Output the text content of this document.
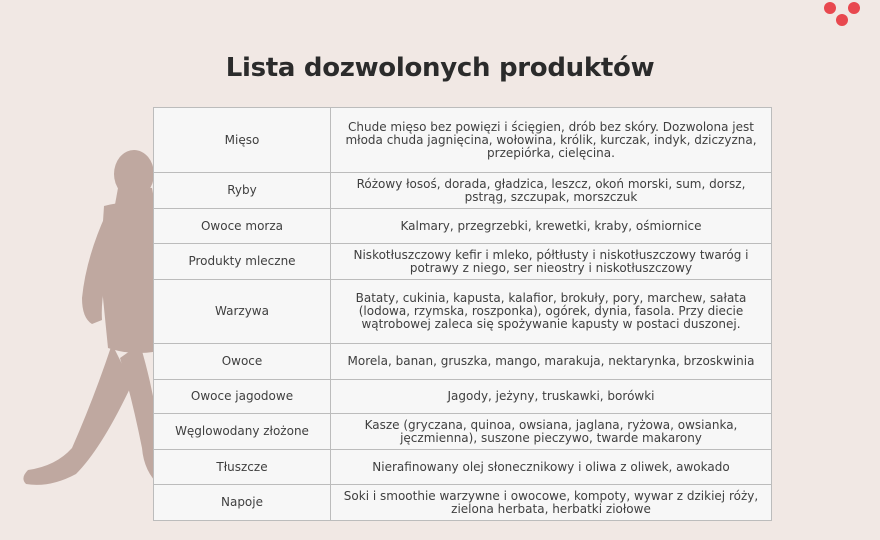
Lista dozwolonych produktów
Mięso	Chude mięso bez powięzi i ścięgien, drób bez skóry. Dozwolona jest młoda chuda jagnięcina, wołowina, królik, kurczak, indyk, dziczyzna, przepiórka, cielęcina.
Ryby	Różowy łosoś, dorada, gładzica, leszcz, okoń morski, sum, dorsz, pstrąg, szczupak, morszczuk
Owoce morza	Kalmary, przegrzebki, krewetki, kraby, ośmiornice
Produkty mleczne	Niskotłuszczowy kefir i mleko, półtłusty i niskotłuszczowy twaróg i potrawy z niego, ser nieostry i niskotłuszczowy
Warzywa	Bataty, cukinia, kapusta, kalafior, brokuły, pory, marchew, sałata (lodowa, rzymska, roszponka), ogórek, dynia, fasola. Przy diecie wątrobowej zaleca się spożywanie kapusty w postaci duszonej.
Owoce	Morela, banan, gruszka, mango, marakuja, nektarynka, brzoskwinia
Owoce jagodowe	Jagody, jeżyny, truskawki, borówki
Węglowodany złożone	Kasze (gryczana, quinoa, owsiana, jaglana, ryżowa, owsianka, jęczmienna), suszone pieczywo, twarde makarony
Tłuszcze	Nierafinowany olej słonecznikowy i oliwa z oliwek, awokado
Napoje	Soki i smoothie warzywne i owocowe, kompoty, wywar z dzikiej róży, zielona herbata, herbatki ziołowe
